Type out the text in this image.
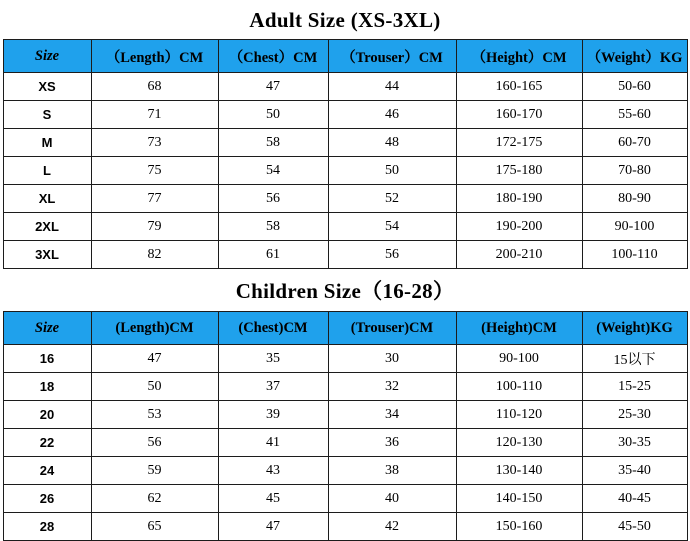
Adult Size (XS-3XL)
Size	（Length）CM	（Chest）CM	（Trouser）CM	（Height）CM	（Weight）KG
XS	68	47	44	160-165	50-60
S	71	50	46	160-170	55-60
M	73	58	48	172-175	60-70
L	75	54	50	175-180	70-80
XL	77	56	52	180-190	80-90
2XL	79	58	54	190-200	90-100
3XL	82	61	56	200-210	100-110
Children Size（16-28）
Size	(Length)CM	(Chest)CM	(Trouser)CM	(Height)CM	(Weight)KG
16	47	35	30	90-100	15以下
18	50	37	32	100-110	15-25
20	53	39	34	110-120	25-30
22	56	41	36	120-130	30-35
24	59	43	38	130-140	35-40
26	62	45	40	140-150	40-45
28	65	47	42	150-160	45-50
